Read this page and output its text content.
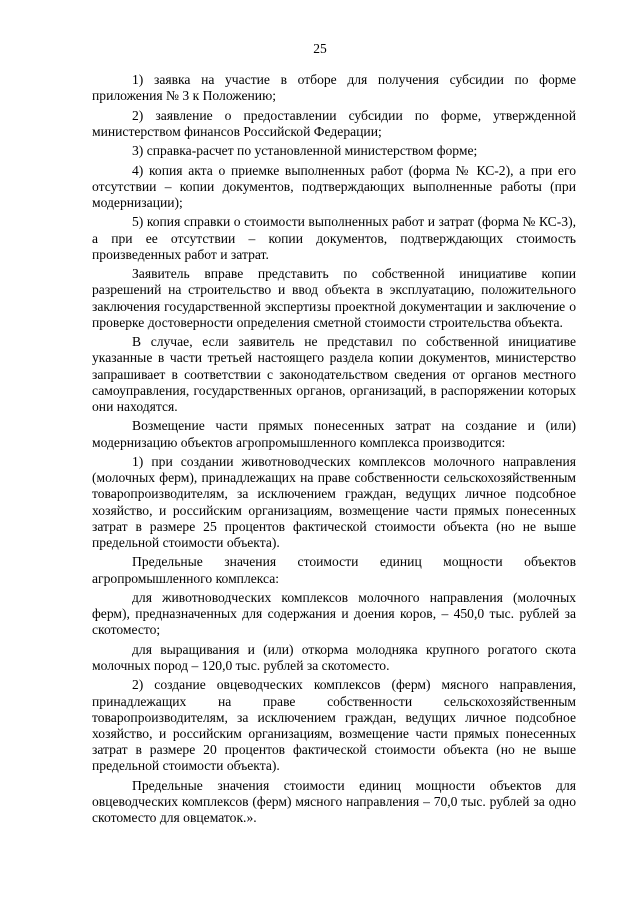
25

1) заявка на участие в отборе для получения субсидии по форме приложения № 3 к Положению;

2) заявление о предоставлении субсидии по форме, утвержденной министерством финансов Российской Федерации;

3) справка-расчет по установленной министерством форме;

4) копия акта о приемке выполненных работ (форма № КС-2), а при его отсутствии – копии документов, подтверждающих выполненные работы (при модернизации);

5) копия справки о стоимости выполненных работ и затрат (форма № КС-3), а при ее отсутствии – копии документов, подтверждающих стоимость произведенных работ и затрат.

Заявитель вправе представить по собственной инициативе копии разрешений на строительство и ввод объекта в эксплуатацию, положительного заключения государственной экспертизы проектной документации и заключение о проверке достоверности определения сметной стоимости строительства объекта.

В случае, если заявитель не представил по собственной инициативе указанные в части третьей настоящего раздела копии документов, министерство запрашивает в соответствии с законодательством сведения от органов местного самоуправления, государственных органов, организаций, в распоряжении которых они находятся.

Возмещение части прямых понесенных затрат на создание и (или) модернизацию объектов агропромышленного комплекса производится:

1) при создании животноводческих комплексов молочного направления (молочных ферм), принадлежащих на праве собственности сельскохозяйственным товаропроизводителям, за исключением граждан, ведущих личное подсобное хозяйство, и российским организациям, возмещение части прямых понесенных затрат в размере 25 процентов фактической стоимости объекта (но не выше предельной стоимости объекта).

Предельные значения стоимости единиц мощности объектов агропромышленного комплекса:

для животноводческих комплексов молочного направления (молочных ферм), предназначенных для содержания и доения коров, – 450,0 тыс. рублей за скотоместо;

для выращивания и (или) откорма молодняка крупного рогатого скота молочных пород – 120,0 тыс. рублей за скотоместо.

2) создание овцеводческих комплексов (ферм) мясного направления, принадлежащих на праве собственности сельскохозяйственным товаропроизводителям, за исключением граждан, ведущих личное подсобное хозяйство, и российским организациям, возмещение части прямых понесенных затрат в размере 20 процентов фактической стоимости объекта (но не выше предельной стоимости объекта).

Предельные значения стоимости единиц мощности объектов для овцеводческих комплексов (ферм) мясного направления – 70,0 тыс. рублей за одно скотоместо для овцематок.».
